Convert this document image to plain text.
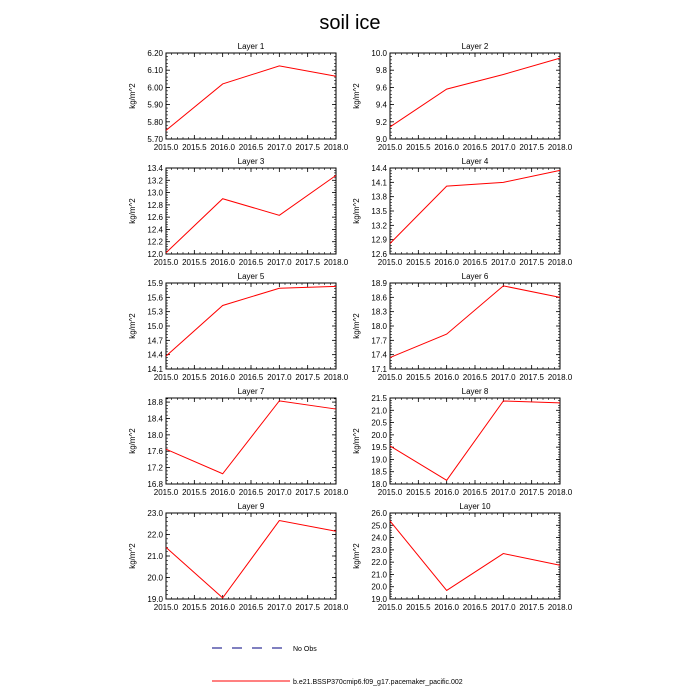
soil ice
Layer 1
2015.0 2015.5 2016.0 2016.5 2017.0 2017.5 2018.0
5.70
5.80
5.90
6.00
6.10
6.20
kg/m^2
Layer 2
2015.0 2015.5 2016.0 2016.5 2017.0 2017.5 2018.0
9.0
9.2
9.4
9.6
9.8
10.0
kg/m^2
Layer 3
2015.0 2015.5 2016.0 2016.5 2017.0 2017.5 2018.0
12.0
12.2
12.4
12.6
12.8
13.0
13.2
13.4
kg/m^2
Layer 4
2015.0 2015.5 2016.0 2016.5 2017.0 2017.5 2018.0
12.6
12.9
13.2
13.5
13.8
14.1
14.4
kg/m^2
Layer 5
2015.0 2015.5 2016.0 2016.5 2017.0 2017.5 2018.0
14.1
14.4
14.7
15.0
15.3
15.6
15.9
kg/m^2
Layer 6
2015.0 2015.5 2016.0 2016.5 2017.0 2017.5 2018.0
17.1
17.4
17.7
18.0
18.3
18.6
18.9
kg/m^2
Layer 7
2015.0 2015.5 2016.0 2016.5 2017.0 2017.5 2018.0
16.8
17.2
17.6
18.0
18.4
18.8
kg/m^2
Layer 8
2015.0 2015.5 2016.0 2016.5 2017.0 2017.5 2018.0
18.0
18.5
19.0
19.5
20.0
20.5
21.0
21.5
kg/m^2
Layer 9
2015.0 2015.5 2016.0 2016.5 2017.0 2017.5 2018.0
19.0
20.0
21.0
22.0
23.0
kg/m^2
Layer 10
2015.0 2015.5 2016.0 2016.5 2017.0 2017.5 2018.0
19.0
20.0
21.0
22.0
23.0
24.0
25.0
26.0
kg/m^2
No Obs
b.e21.BSSP370cmip6.f09_g17.pacemaker_pacific.002
